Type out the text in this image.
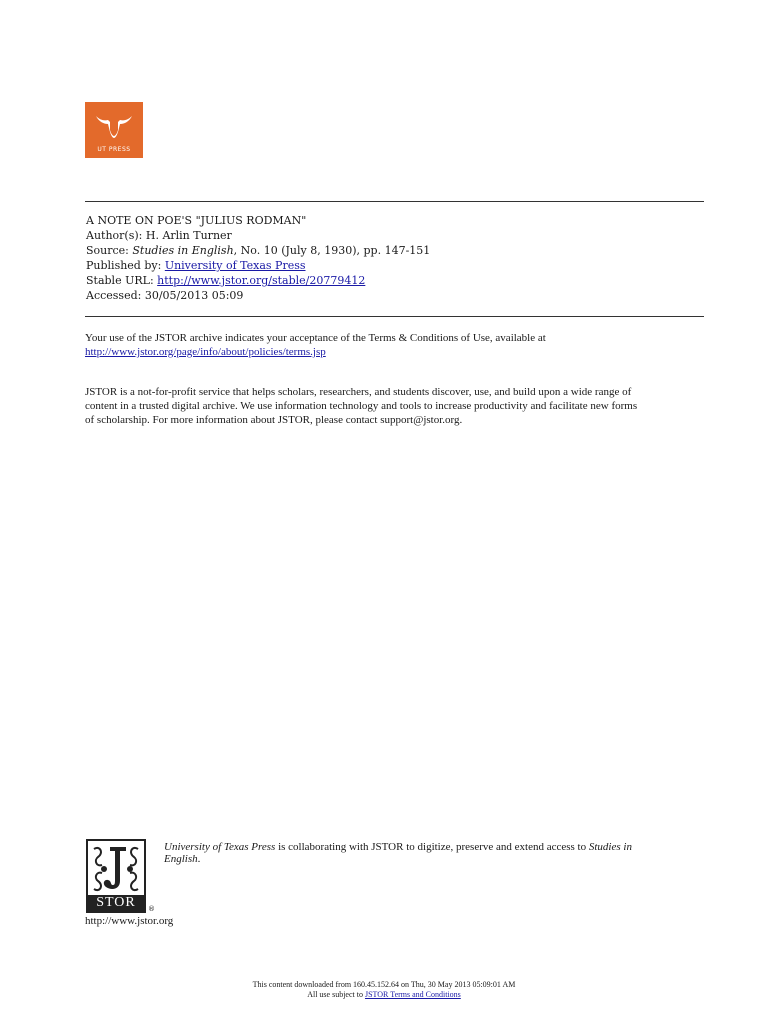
UT PRESS
A NOTE ON POE'S "JULIUS RODMAN"
Author(s): H. Arlin Turner
Source: Studies in English, No. 10 (July 8, 1930), pp. 147-151
Published by: University of Texas Press
Stable URL: http://www.jstor.org/stable/20779412
Accessed: 30/05/2013 05:09
Your use of the JSTOR archive indicates your acceptance of the Terms & Conditions of Use, available at
http://www.jstor.org/page/info/about/policies/terms.jsp
JSTOR is a not-for-profit service that helps scholars, researchers, and students discover, use, and build upon a wide range of
content in a trusted digital archive. We use information technology and tools to increase productivity and facilitate new forms
of scholarship. For more information about JSTOR, please contact support@jstor.org.
STOR	®
http://www.jstor.org
University of Texas Press is collaborating with JSTOR to digitize, preserve and extend access to Studies in
English.
This content downloaded from 160.45.152.64 on Thu, 30 May 2013 05:09:01 AM
All use subject to JSTOR Terms and Conditions
